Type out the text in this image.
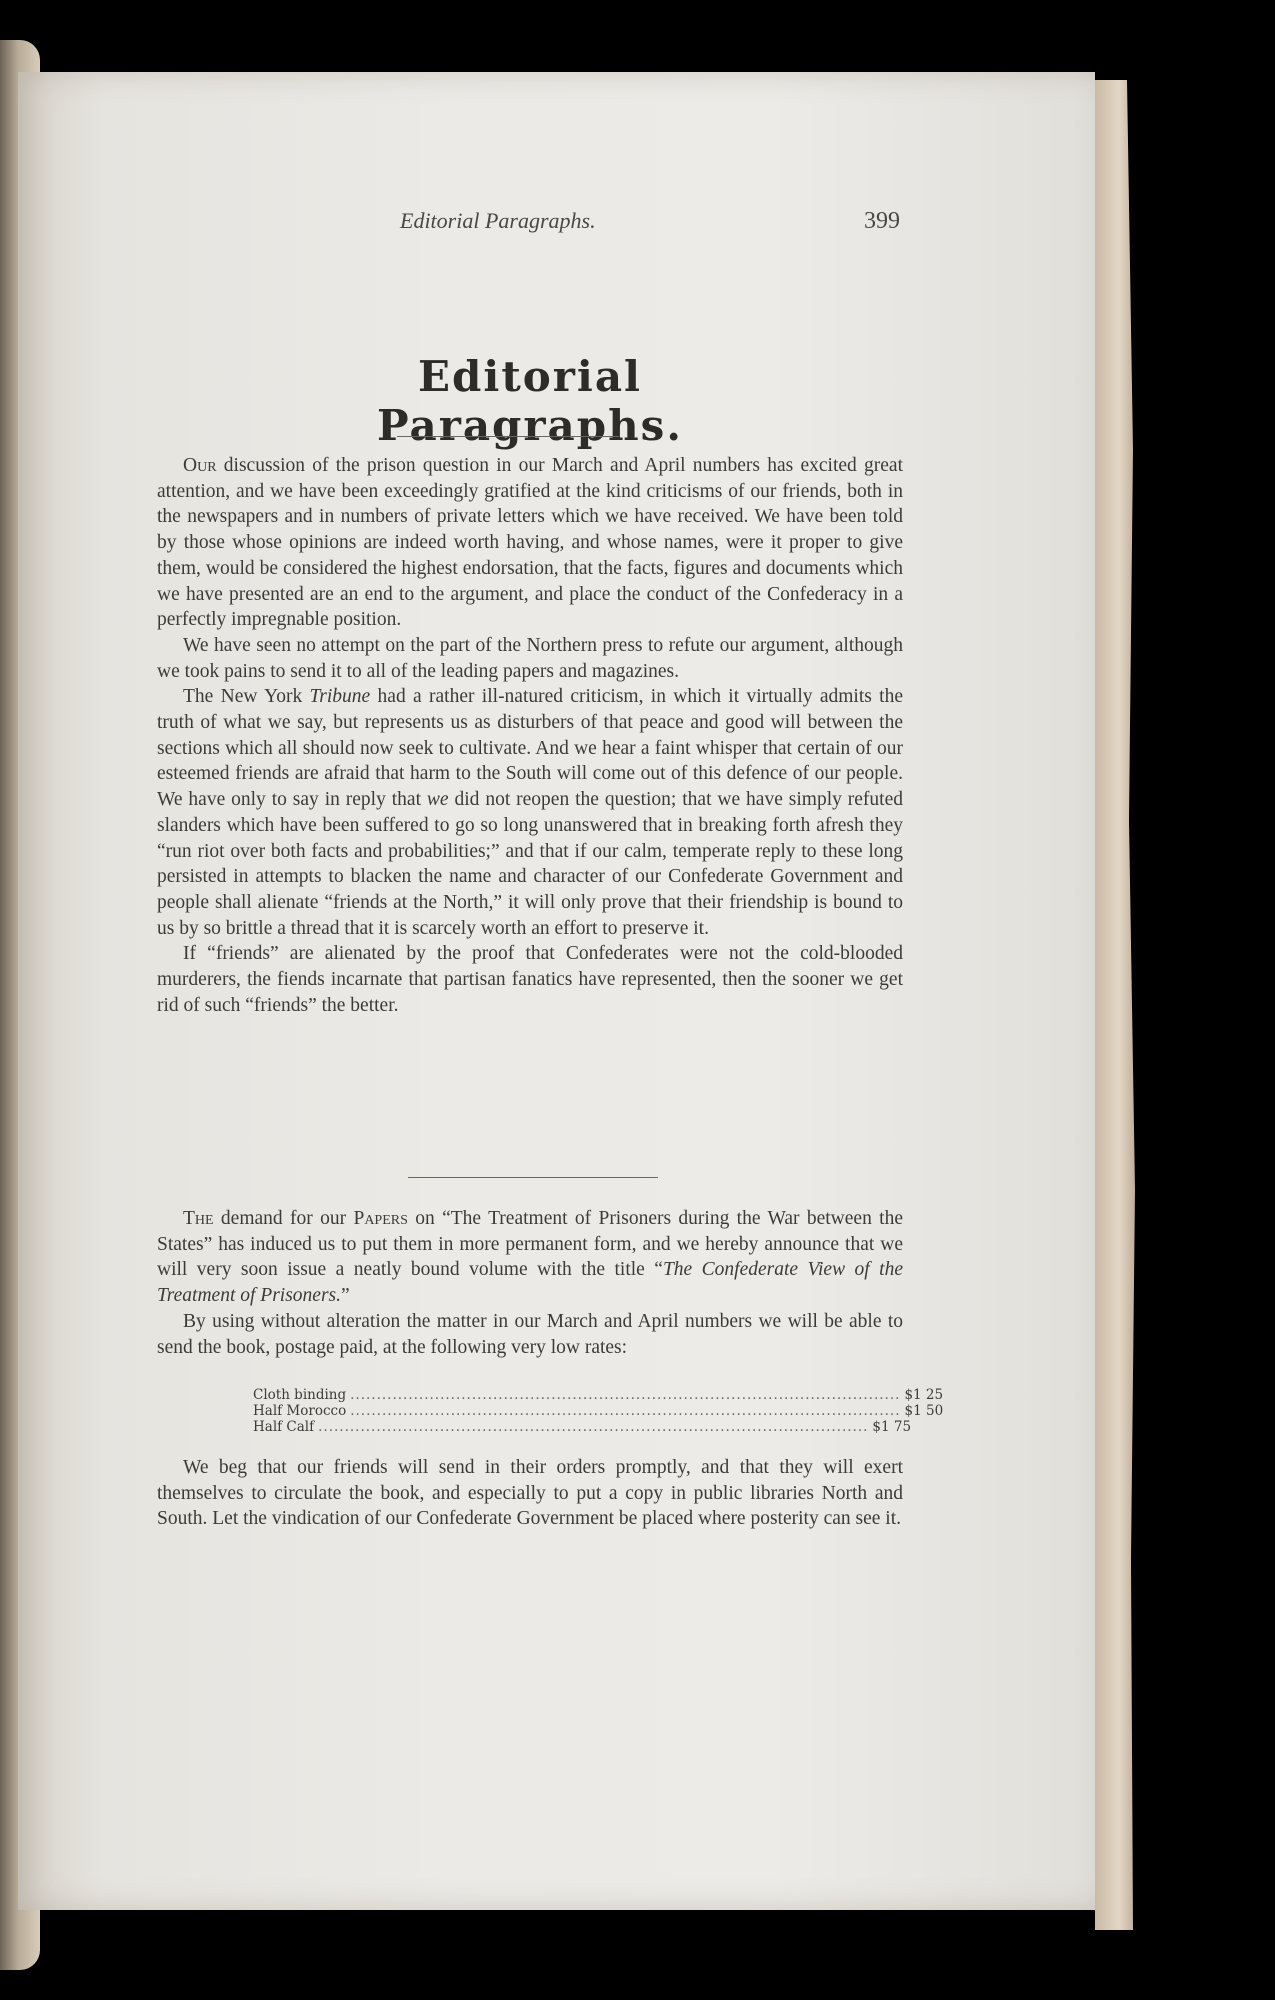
Editorial Paragraphs.	399
Editorial Paragraphs.

Our discussion of the prison question in our March and April numbers has excited great attention, and we have been exceedingly gratified at the kind criticisms of our friends, both in the newspapers and in numbers of private letters which we have received. We have been told by those whose opinions are indeed worth having, and whose names, were it proper to give them, would be considered the highest endorsation, that the facts, figures and documents which we have presented are an end to the argument, and place the conduct of the Confederacy in a perfectly impregnable position.

We have seen no attempt on the part of the Northern press to refute our argument, although we took pains to send it to all of the leading papers and magazines.

The New York Tribune had a rather ill-natured criticism, in which it virtually admits the truth of what we say, but represents us as disturbers of that peace and good will between the sections which all should now seek to cultivate. And we hear a faint whisper that certain of our esteemed friends are afraid that harm to the South will come out of this defence of our people. We have only to say in reply that we did not reopen the question; that we have simply refuted slanders which have been suffered to go so long unanswered that in breaking forth afresh they “run riot over both facts and probabilities;” and that if our calm, temperate reply to these long persisted in attempts to blacken the name and character of our Confederate Government and people shall alienate “friends at the North,” it will only prove that their friendship is bound to us by so brittle a thread that it is scarcely worth an effort to preserve it.

If “friends” are alienated by the proof that Confederates were not the cold-blooded murderers, the fiends incarnate that partisan fanatics have represented, then the sooner we get rid of such “friends” the better.

The demand for our Papers on “The Treatment of Prisoners during the War between the States” has induced us to put them in more permanent form, and we hereby announce that we will very soon issue a neatly bound volume with the title “The Confederate View of the Treatment of Prisoners.”

By using without alteration the matter in our March and April numbers we will be able to send the book, postage paid, at the following very low rates:

Cloth binding ........................................................................................................ $1 25
Half Morocco ........................................................................................................ $1 50
Half Calf ........................................................................................................ $1 75

We beg that our friends will send in their orders promptly, and that they will exert themselves to circulate the book, and especially to put a copy in public libraries North and South. Let the vindication of our Confederate Government be placed where posterity can see it.
